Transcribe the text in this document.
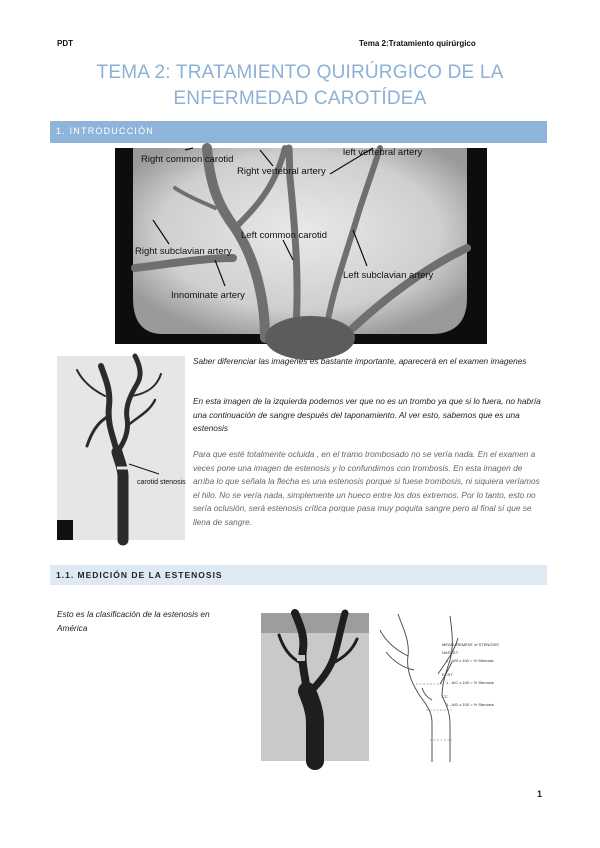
PDT	Tema 2:Tratamiento quirúrgico
TEMA 2: TRATAMIENTO QUIRÚRGICO DE LA
ENFERMEDAD CAROTÍDEA
1. INTRODUCCIÓN
Right common carotid
Right vertebral artery
left vertebral artery
Left common carotid
Right subclavian artery
Left subclavian artery
Innominate artery
carotid stenosis
Saber diferenciar las imagenes es bastante importante, aparecerá en el examen imagenes
En esta imagen de la izquierda podemos ver que no es un trombo ya que si lo fuera, no habría una continuación de sangre después del taponamiento. Al ver esto, sabemos que es una estenosis
Para que esté totalmente ocluida , en el tramo trombosado no se vería nada. En el examen a veces pone una imagen de estenosis y lo confundimos con trombosis. En esta imagen de arriba lo que señala la flecha es una estenosis porque si fuese trombosis, ni siquiera veríamos el hilo. No se vería nada, simplemente un hueco entre los dos extremos. Por lo tanto, esto no sería oclusión, será estenosis crítica porque pasa muy poquita sangre pero al final sí que se llena de sangre.
1.1. MEDICIÓN DE LA ESTENOSIS
Esto es la clasificación de la estenosis en América
MEASUREMENT of STENOSIS
NASCET
1 - A/B x 100 = % Stenosis
ECST
1 - A/C x 100 = % Stenosis
CC
1 - A/D x 100 = % Stenosis
1
